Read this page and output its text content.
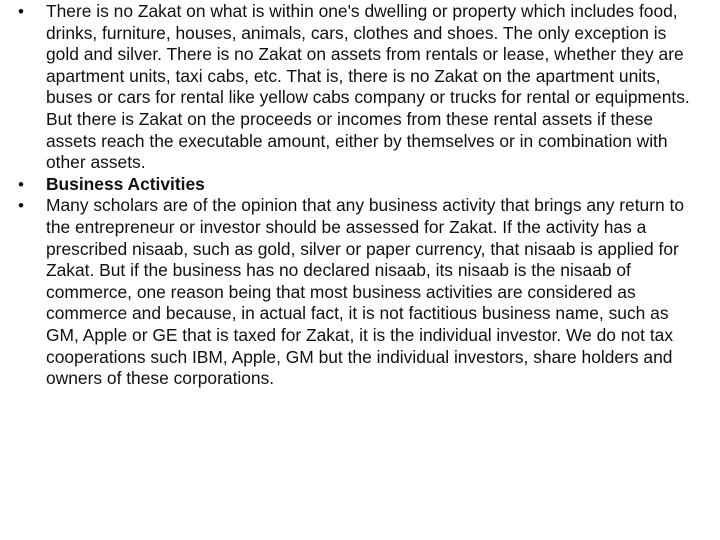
•	There is no Zakat on what is within one's dwelling or property which includes food, drinks, furniture, houses, animals, cars, clothes and shoes. The only exception is gold and silver. There is no Zakat on assets from rentals or lease, whether they are apartment units, taxi cabs, etc. That is, there is no Zakat on the apartment units, buses or cars for rental like yellow cabs company or trucks for rental or equipments. But there is Zakat on the proceeds or incomes from these rental assets if these assets reach the executable amount, either by themselves or in combination with other assets.
•	Business Activities
•	Many scholars are of the opinion that any business activity that brings any return to the entrepreneur or investor should be assessed for Zakat. If the activity has a prescribed nisaab, such as gold, silver or paper currency, that nisaab is applied for Zakat. But if the business has no declared nisaab, its nisaab is the nisaab of commerce, one reason being that most business activities are considered as commerce and because, in actual fact, it is not factitious business name, such as GM, Apple or GE that is taxed for Zakat, it is the individual investor. We do not tax cooperations such IBM, Apple, GM but the individual investors, share holders and owners of these corporations.
